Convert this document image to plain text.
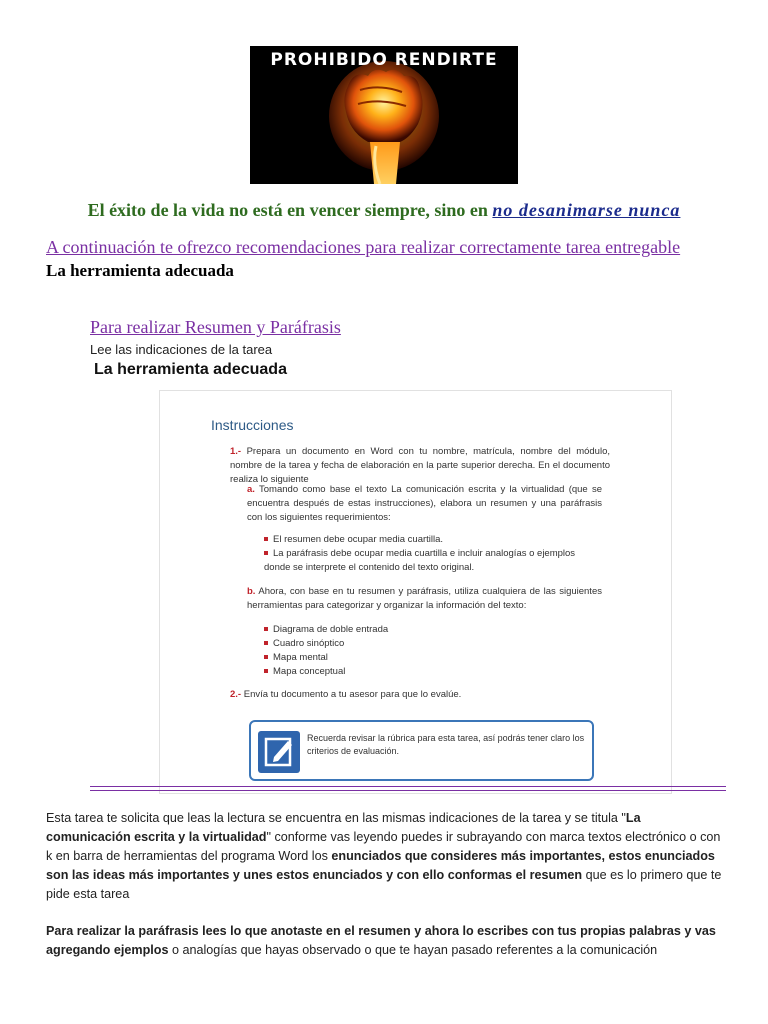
PROHIBIDO RENDIRTE
El éxito de la vida no está en vencer siempre, sino en no desanimarse nunca
A continuación te ofrezco recomendaciones para realizar correctamente tarea entregable
La herramienta adecuada
Para realizar Resumen y Paráfrasis
Lee las indicaciones de la tarea
La herramienta adecuada
Instrucciones
1.- Prepara un documento en Word con tu nombre, matrícula, nombre del módulo, nombre de la tarea y fecha de elaboración en la parte superior derecha. En el documento realiza lo siguiente
a. Tomando como base el texto La comunicación escrita y la virtualidad (que se encuentra después de estas instrucciones), elabora un resumen y una paráfrasis con los siguientes requerimientos:
El resumen debe ocupar media cuartilla.
La paráfrasis debe ocupar media cuartilla e incluir analogías o ejemplos donde se interprete el contenido del texto original.
b. Ahora, con base en tu resumen y paráfrasis, utiliza cualquiera de las siguientes herramientas para categorizar y organizar la información del texto:
Diagrama de doble entrada
Cuadro sinóptico
Mapa mental
Mapa conceptual
2.- Envía tu documento a tu asesor para que lo evalúe.
Recuerda revisar la rúbrica para esta tarea, así podrás tener claro los criterios de evaluación.
Esta tarea te solicita que leas la lectura se encuentra en las mismas indicaciones de la tarea y se titula "La comunicación escrita y la virtualidad" conforme vas leyendo puedes ir subrayando con marca textos electrónico o con k en barra de herramientas del programa Word los enunciados que consideres más importantes, estos enunciados son las ideas más importantes y unes estos enunciados y con ello conformas el resumen que es lo primero que te pide esta tarea
Para realizar la paráfrasis lees lo que anotaste en el resumen y ahora lo escribes con tus propias palabras y vas agregando ejemplos o analogías que hayas observado o que te hayan pasado referentes a la comunicación
